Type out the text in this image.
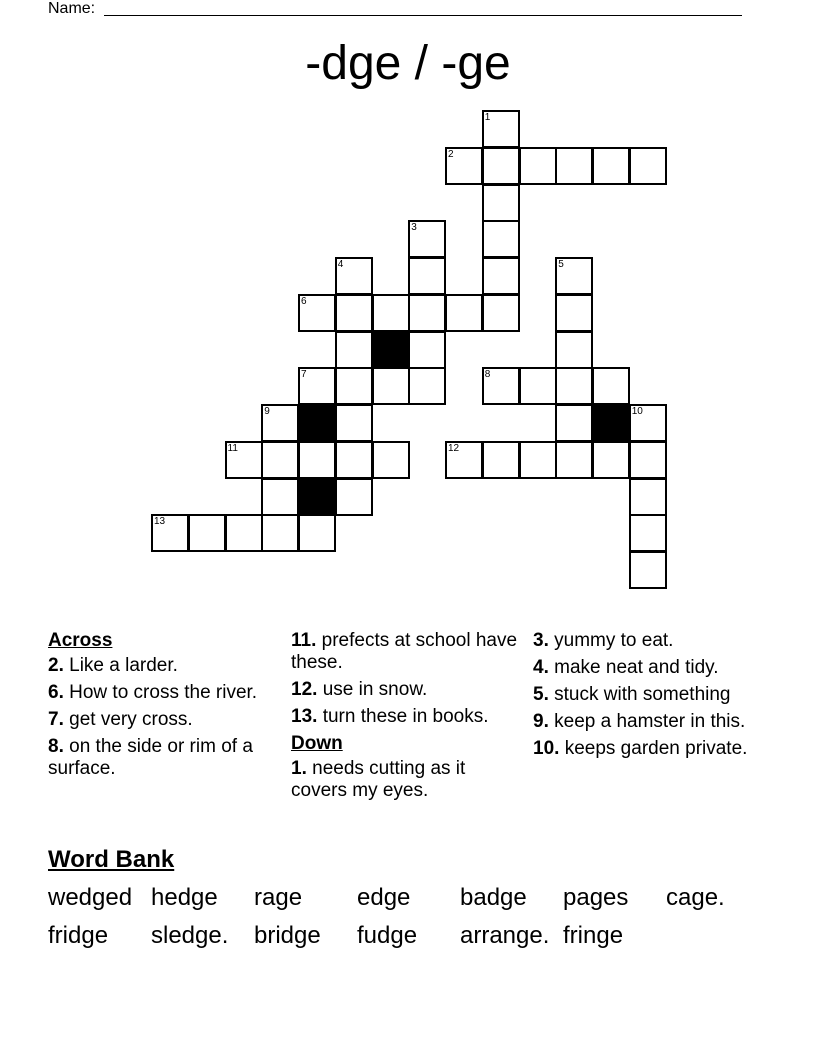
Name:
-dge / -ge
1
2
3
4	5
6
7	8
9	10
11	12
13
Across
2. Like a larder.
6. How to cross the river.
7. get very cross.
8. on the side or rim of a surface.
11. prefects at school have these.
12. use in snow.
13. turn these in books.
Down
1. needs cutting as it covers my eyes.
3. yummy to eat.
4. make neat and tidy.
5. stuck with something
9. keep a hamster in this.
10. keeps garden private.
Word Bank
wedged hedge rage edge badge pages cage.
fridge sledge. bridge fudge arrange. fringe
